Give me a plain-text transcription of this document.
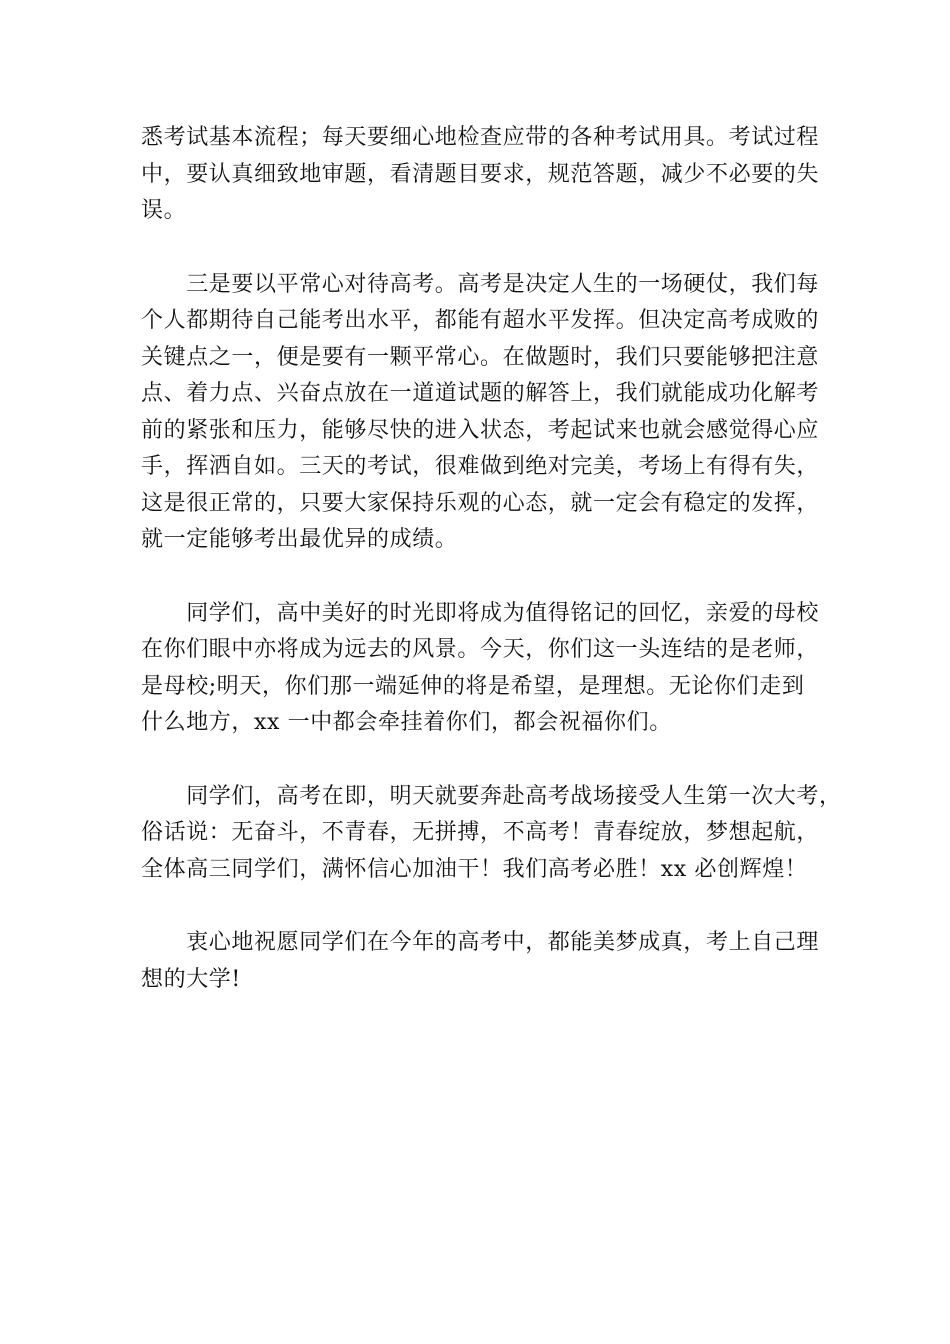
悉考试基本流程；每天要细心地检查应带的各种考试用具。考试过程
中，要认真细致地审题，看清题目要求，规范答题，减少不必要的失
误。

　　三是要以平常心对待高考。高考是决定人生的一场硬仗，我们每
个人都期待自己能考出水平，都能有超水平发挥。但决定高考成败的
关键点之一，便是要有一颗平常心。在做题时，我们只要能够把注意
点、着力点、兴奋点放在一道道试题的解答上，我们就能成功化解考
前的紧张和压力，能够尽快的进入状态，考起试来也就会感觉得心应
手，挥洒自如。三天的考试，很难做到绝对完美，考场上有得有失，
这是很正常的，只要大家保持乐观的心态，就一定会有稳定的发挥，
就一定能够考出最优异的成绩。

　　同学们，高中美好的时光即将成为值得铭记的回忆，亲爱的母校
在你们眼中亦将成为远去的风景。今天，你们这一头连结的是老师，
是母校;明天，你们那一端延伸的将是希望，是理想。无论你们走到
什么地方，xx 一中都会牵挂着你们，都会祝福你们。

　　同学们，高考在即，明天就要奔赴高考战场接受人生第一次大考，
俗话说：无奋斗，不青春，无拼搏，不高考！青春绽放，梦想起航，
全体高三同学们，满怀信心加油干！我们高考必胜！xx 必创辉煌！

　　衷心地祝愿同学们在今年的高考中，都能美梦成真，考上自己理
想的大学!
